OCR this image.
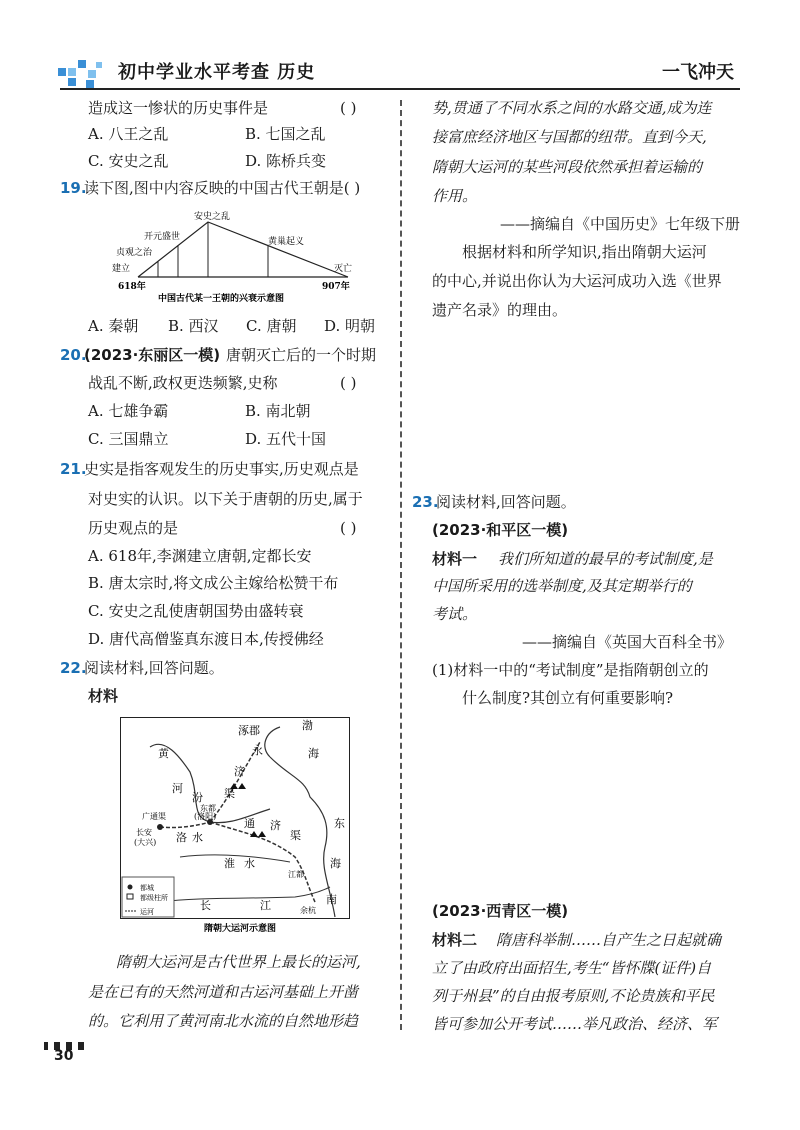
初中学业水平考查 历史	一飞冲天
造成这一惨状的历史事件是	( )
A. 八王之乱	B. 七国之乱
C. 安史之乱	D. 陈桥兵变
19.
读下图,图中内容反映的中国古代王朝是( )
安史之乱
开元盛世
贞观之治
建立
黄巢起义
灭亡
618年	907年
中国古代某一王朝的兴衰示意图
A. 秦朝 B. 西汉 C. 唐朝 D. 明朝
20.
(2023·东丽区一模) 唐朝灭亡后的一个时期
战乱不断,政权更迭频繁,史称	( )
A. 七雄争霸	B. 南北朝
C. 三国鼎立	D. 五代十国
21.
史实是指客观发生的历史事实,历史观点是
对史实的认识。以下关于唐朝的历史,属于
历史观点的是	( )
A. 618年,李渊建立唐朝,定都长安
B. 唐太宗时,将文成公主嫁给松赞干布
C. 安史之乱使唐朝国势由盛转衰
D. 唐代高僧鉴真东渡日本,传授佛经
22.
阅读材料,回答问题。
材料
都城
都级柱所
运河
黄
河
涿郡
永
济
渠
渤
海
东
海
通 济
渠
汾
洛 水
广通渠
长安
(大兴)
东都
(洛阳)
淮 水
江都
长	江	余杭
南
隋朝大运河示意图
隋朝大运河是古代世界上最长的运河,
是在已有的天然河道和古运河基础上开凿
的。它利用了黄河南北水流的自然地形趋
30
势,贯通了不同水系之间的水路交通,成为连
接富庶经济地区与国都的纽带。直到今天,
隋朝大运河的某些河段依然承担着运输的
作用。
——摘编自《中国历史》七年级下册
根据材料和所学知识,指出隋朝大运河
的中心,并说出你认为大运河成功入选《世界
遗产名录》的理由。
23.
阅读材料,回答问题。
(2023·和平区一模)
材料一 我们所知道的最早的考试制度,是
中国所采用的选举制度,及其定期举行的
考试。
——摘编自《英国大百科全书》
(1)材料一中的“考试制度”是指隋朝创立的
什么制度?其创立有何重要影响?
(2023·西青区一模)
材料二 隋唐科举制……自产生之日起就确
立了由政府出面招生,考生“皆怀牒(证件)自
列于州县”的自由报考原则,不论贵族和平民
皆可参加公开考试……举凡政治、经济、军
